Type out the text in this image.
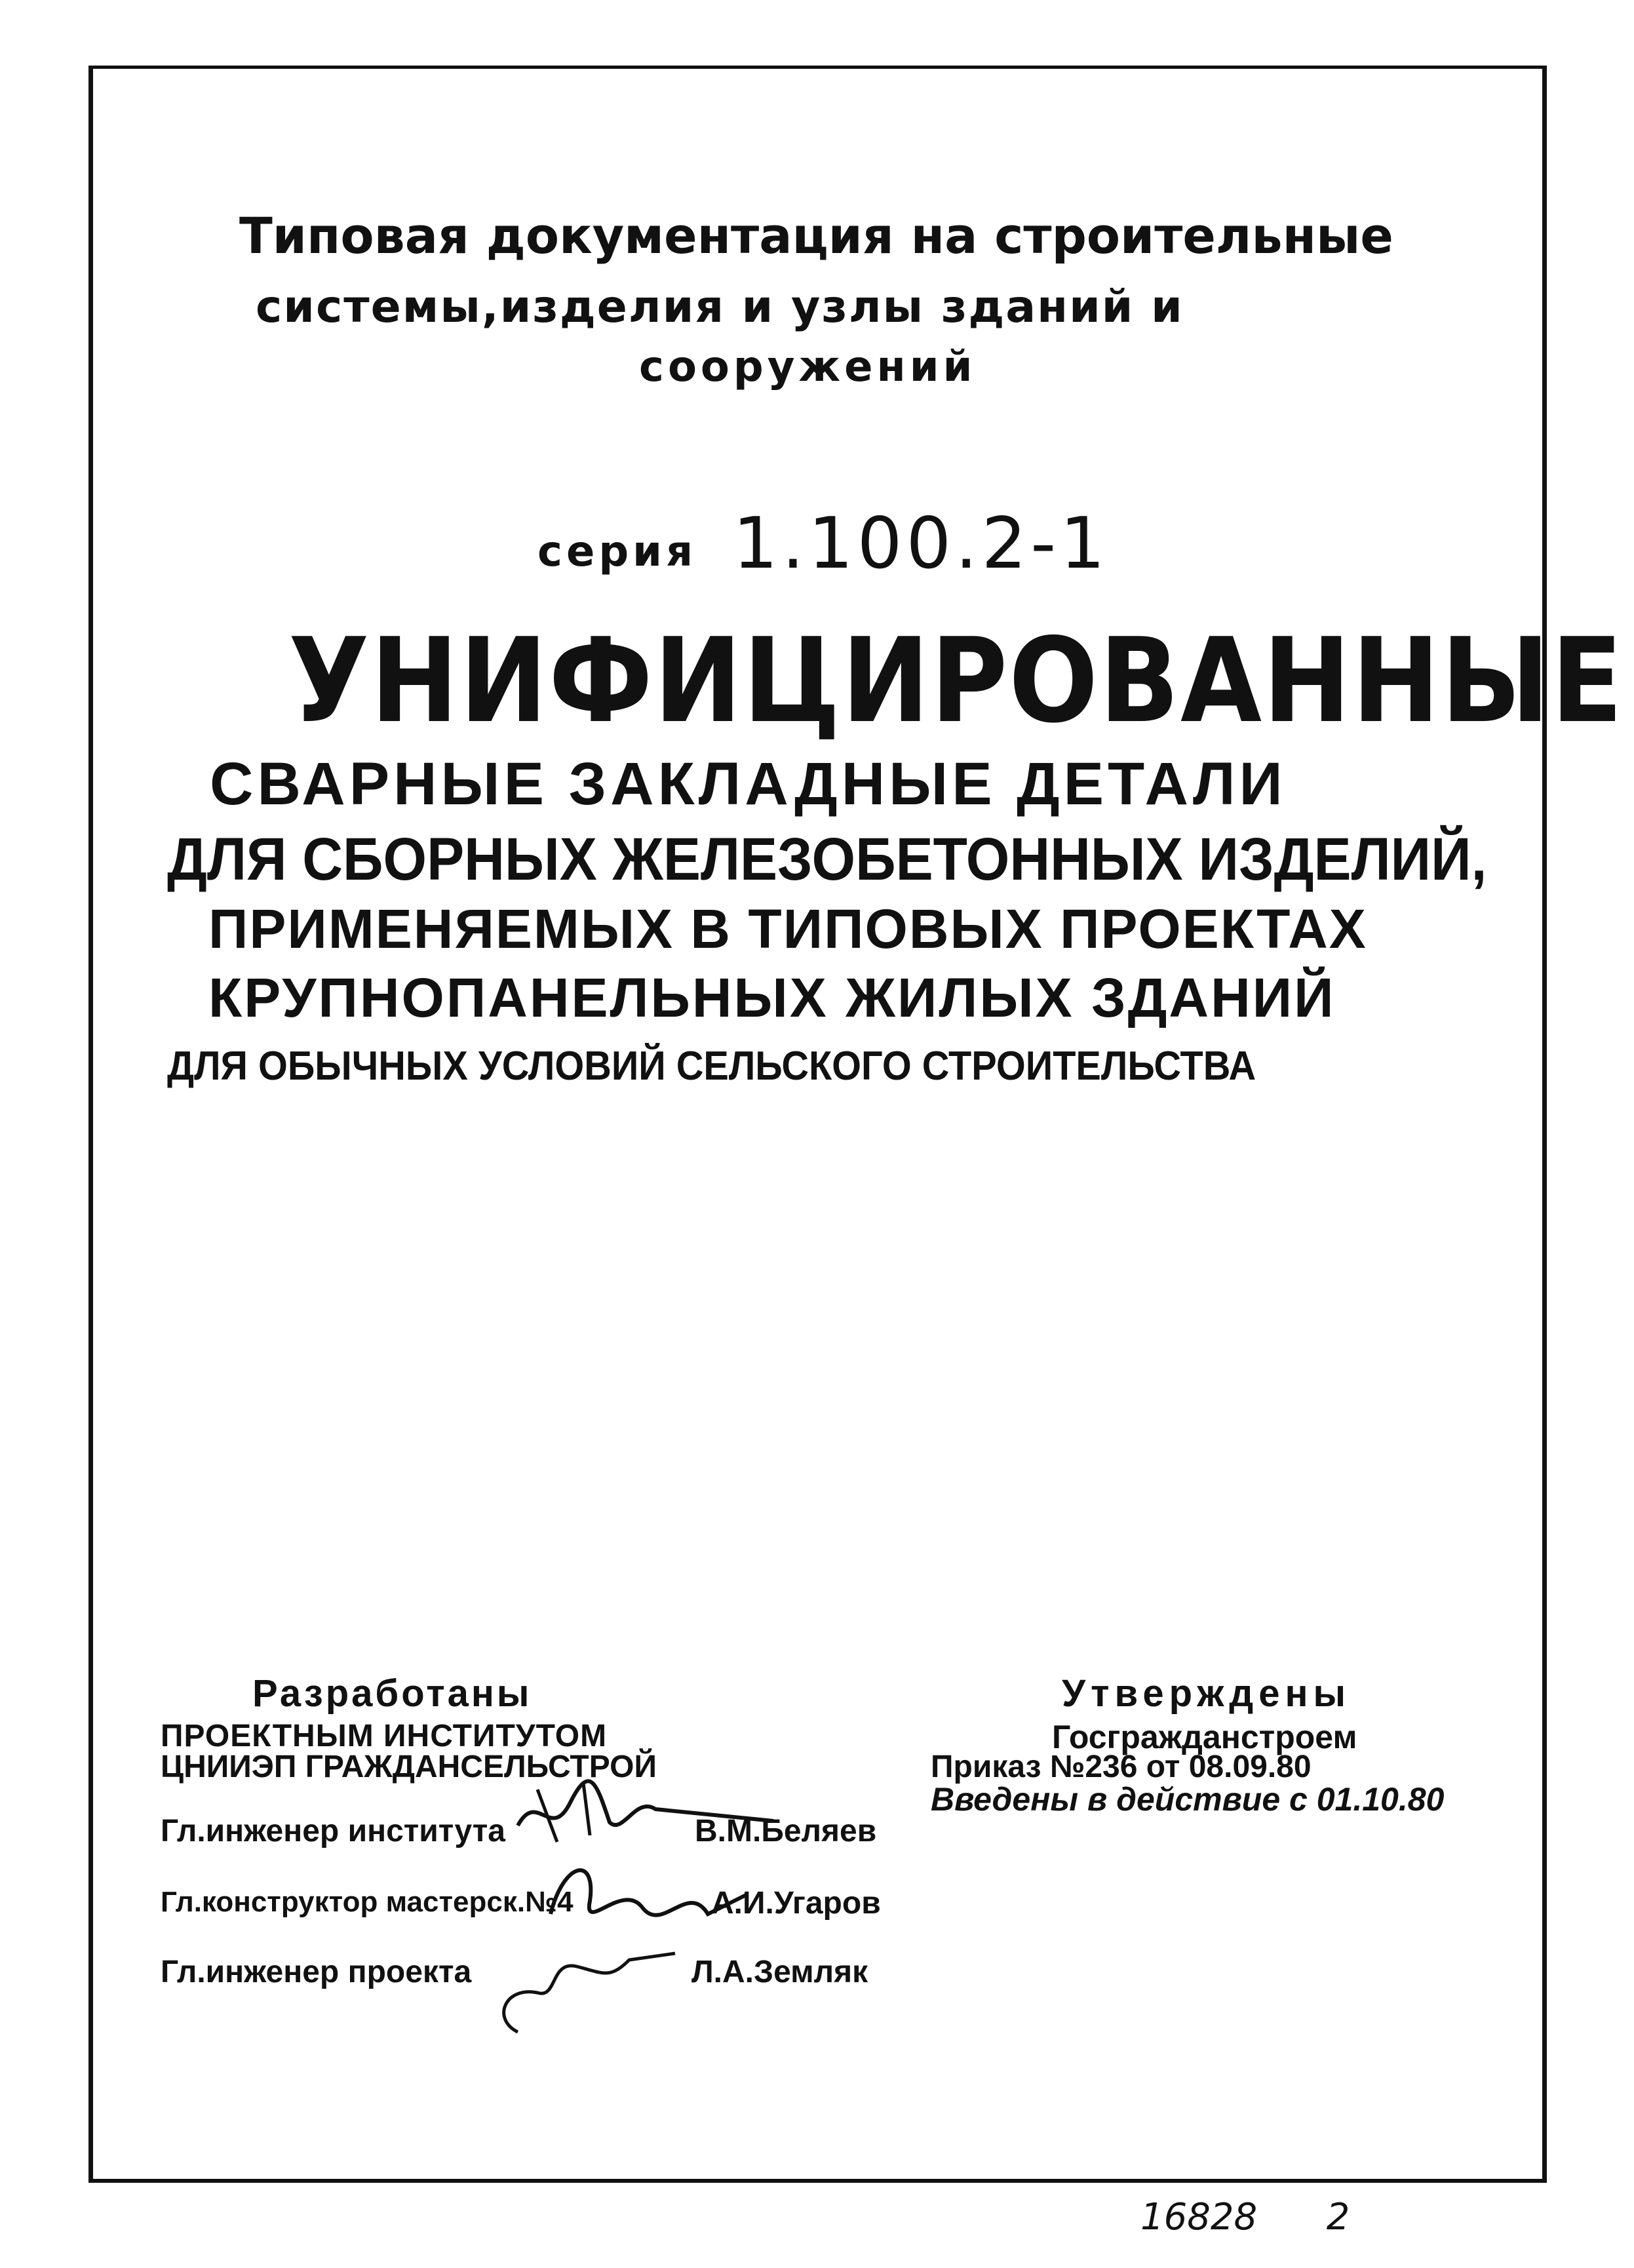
Типовая документация на строительные
системы,изделия и узлы зданий и
сооружений
серия 1.100.2-1
УНИФИЦИРОВАННЫЕ
СВАРНЫЕ ЗАКЛАДНЫЕ ДЕТАЛИ
ДЛЯ СБОРНЫХ ЖЕЛЕЗОБЕТОННЫХ ИЗДЕЛИЙ,
ПРИМЕНЯЕМЫХ В ТИПОВЫХ ПРОЕКТАХ
КРУПНОПАНЕЛЬНЫХ ЖИЛЫХ ЗДАНИЙ
ДЛЯ ОБЫЧНЫХ УСЛОВИЙ СЕЛЬСКОГО СТРОИТЕЛЬСТВА
Разработаны
ПРОЕКТНЫМ ИНСТИТУТОМ
ЦНИИЭП ГРАЖДАНСЕЛЬСТРОЙ
Гл.инженер института	В.М.Беляев
Гл.конструктор мастерск.№4	А.И.Угаров
Гл.инженер проекта	Л.А.Земляк
Утверждены
Госгражданстроем
Приказ №236 от 08.09.80
Введены в действие с 01.10.80
16828 2
